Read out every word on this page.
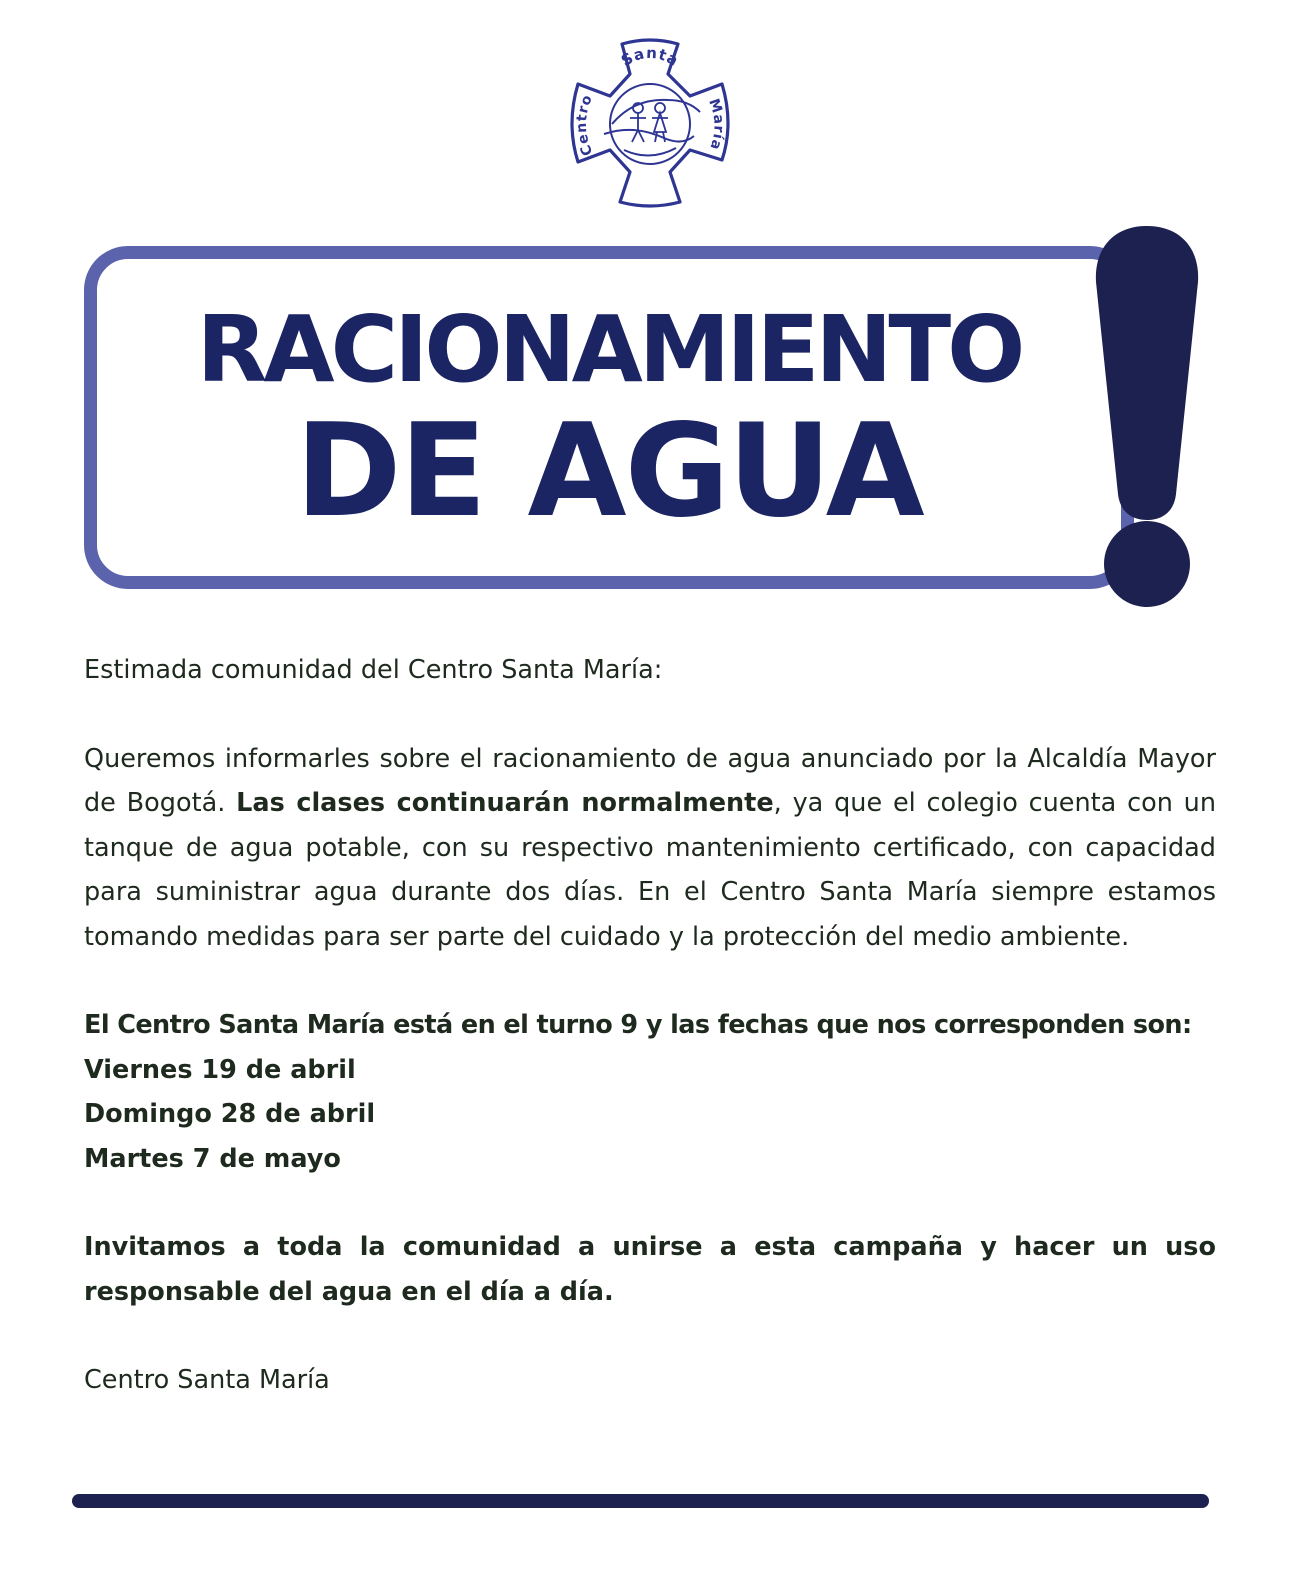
Santa
Centro	María
RACIONAMIENTO
DE AGUA

Estimada comunidad del Centro Santa María:

Queremos informarles sobre el racionamiento de agua anunciado por la Alcaldía Mayor de Bogotá. Las clases continuarán normalmente, ya que el colegio cuenta con un tanque de agua potable, con su respectivo mantenimiento certificado, con capacidad para suministrar agua durante dos días. En el Centro Santa María siempre estamos tomando medidas para ser parte del cuidado y la protección del medio ambiente.

El Centro Santa María está en el turno 9 y las fechas que nos corresponden son:
Viernes 19 de abril
Domingo 28 de abril
Martes 7 de mayo

Invitamos a toda la comunidad a unirse a esta campaña y hacer un uso responsable del agua en el día a día.

Centro Santa María
